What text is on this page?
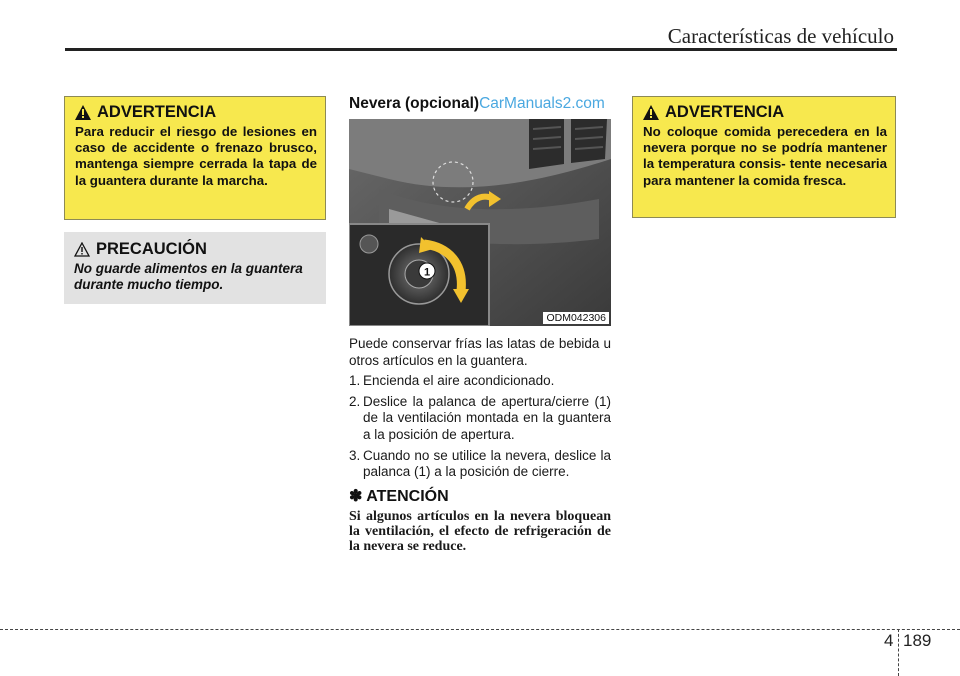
Características de vehículo
ADVERTENCIA
Para reducir el riesgo de lesiones en caso de accidente o frenazo brusco, mantenga siempre cerrada la tapa de la guantera durante la marcha.
PRECAUCIÓN
No guarde alimentos en la guantera durante mucho tiempo.
Nevera (opcional)CarManuals2.com
1
ODM042306
Puede conservar frías las latas de bebida u otros artículos en la guantera.
1. Encienda el aire acondicionado.
2. Deslice la palanca de apertura/cierre (1) de la ventilación montada en la guantera a la posición de apertura.
3. Cuando no se utilice la nevera, deslice la palanca (1) a la posición de cierre.
✽ ATENCIÓN
Si algunos artículos en la nevera bloquean la ventilación, el efecto de refrigeración de la nevera se reduce.
ADVERTENCIA
No coloque comida perecedera en la nevera porque no se podría mantener la temperatura consis- tente necesaria para mantener la comida fresca.
4 189
